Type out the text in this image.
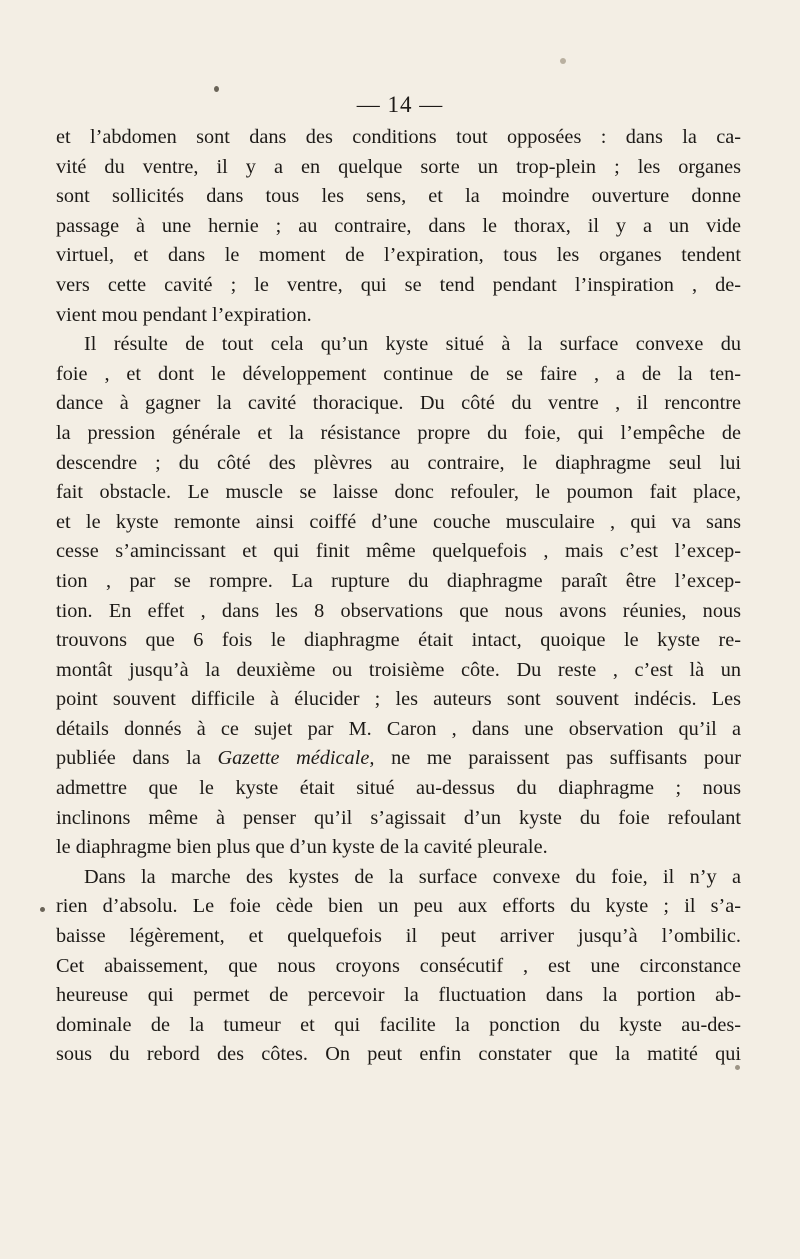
— 14 —
et l’abdomen sont dans des conditions tout opposées : dans la ca-
vité du ventre, il y a en quelque sorte un trop-plein ; les organes
sont sollicités dans tous les sens, et la moindre ouverture donne
passage à une hernie ; au contraire, dans le thorax, il y a un vide
virtuel, et dans le moment de l’expiration, tous les organes tendent
vers cette cavité ; le ventre, qui se tend pendant l’inspiration , de-
vient mou pendant l’expiration.
Il résulte de tout cela qu’un kyste situé à la surface convexe du
foie , et dont le développement continue de se faire , a de la ten-
dance à gagner la cavité thoracique. Du côté du ventre , il rencontre
la pression générale et la résistance propre du foie, qui l’empêche de
descendre ; du côté des plèvres au contraire, le diaphragme seul lui
fait obstacle. Le muscle se laisse donc refouler, le poumon fait place,
et le kyste remonte ainsi coiffé d’une couche musculaire , qui va sans
cesse s’amincissant et qui finit même quelquefois , mais c’est l’excep-
tion , par se rompre. La rupture du diaphragme paraît être l’excep-
tion. En effet , dans les 8 observations que nous avons réunies, nous
trouvons que 6 fois le diaphragme était intact, quoique le kyste re-
montât jusqu’à la deuxième ou troisième côte. Du reste , c’est là un
point souvent difficile à élucider ; les auteurs sont souvent indécis. Les
détails donnés à ce sujet par M. Caron , dans une observation qu’il a
publiée dans la Gazette médicale, ne me paraissent pas suffisants pour
admettre que le kyste était situé au-dessus du diaphragme ; nous
inclinons même à penser qu’il s’agissait d’un kyste du foie refoulant
le diaphragme bien plus que d’un kyste de la cavité pleurale.
Dans la marche des kystes de la surface convexe du foie, il n’y a
rien d’absolu. Le foie cède bien un peu aux efforts du kyste ; il s’a-
baisse légèrement, et quelquefois il peut arriver jusqu’à l’ombilic.
Cet abaissement, que nous croyons consécutif , est une circonstance
heureuse qui permet de percevoir la fluctuation dans la portion ab-
dominale de la tumeur et qui facilite la ponction du kyste au-des-
sous du rebord des côtes. On peut enfin constater que la matité qui
